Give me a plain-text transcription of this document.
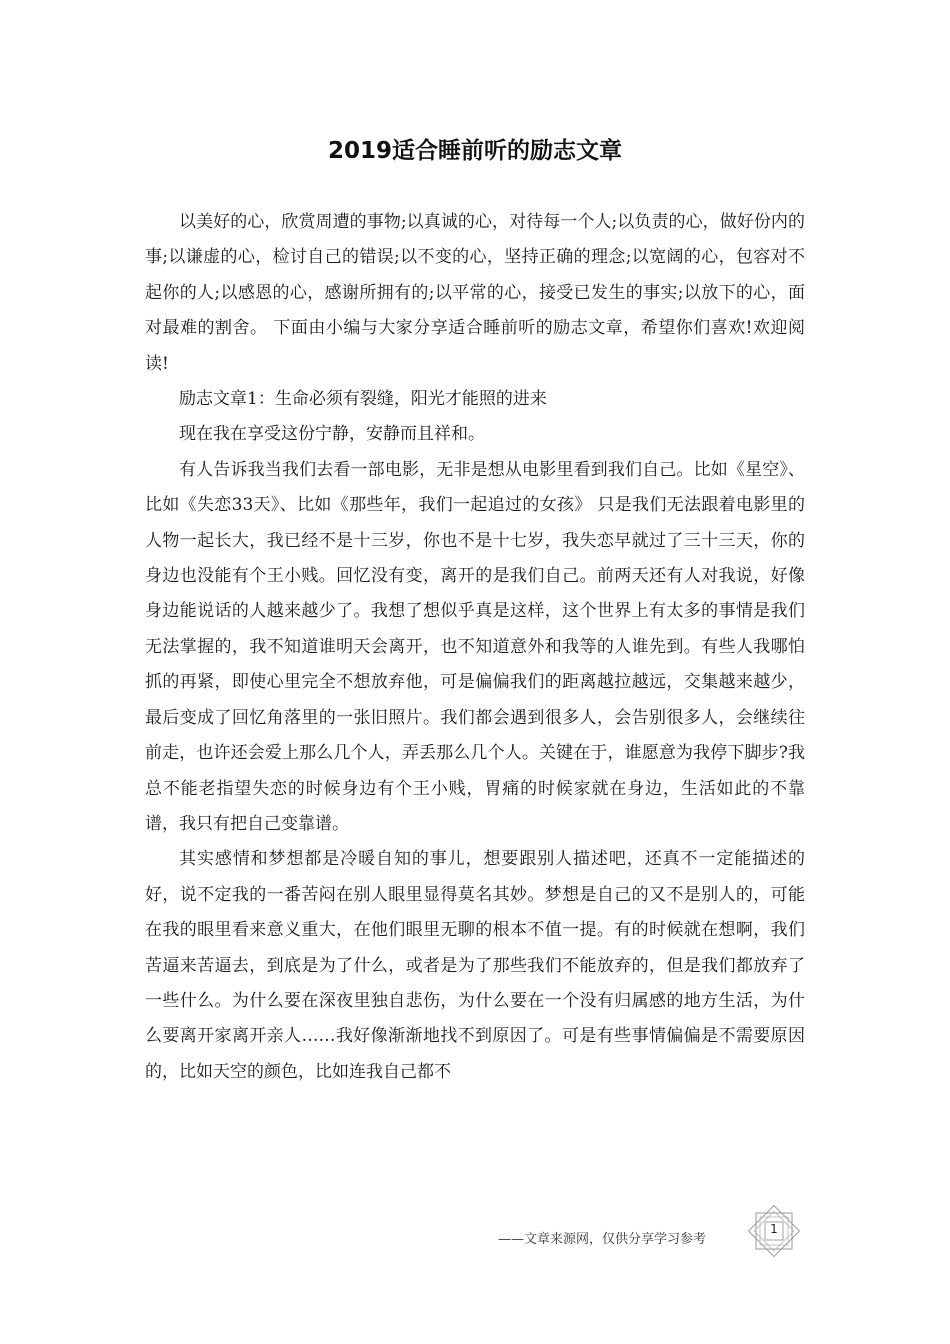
2019适合睡前听的励志文章

以美好的心，欣赏周遭的事物;以真诚的心，对待每一个人;以负责的心，做好份内的事;以谦虚的心，检讨自己的错误;以不变的心，坚持正确的理念;以宽阔的心，包容对不起你的人;以感恩的心，感谢所拥有的;以平常的心，接受已发生的事实;以放下的心，面对最难的割舍。 下面由小编与大家分享适合睡前听的励志文章，希望你们喜欢!欢迎阅读!

励志文章1：生命必须有裂缝，阳光才能照的进来

现在我在享受这份宁静，安静而且祥和。

有人告诉我当我们去看一部电影，无非是想从电影里看到我们自己。比如《星空》、比如《失恋33天》、比如《那些年，我们一起追过的女孩》 只是我们无法跟着电影里的人物一起长大，我已经不是十三岁，你也不是十七岁，我失恋早就过了三十三天，你的身边也没能有个王小贱。回忆没有变，离开的是我们自己。前两天还有人对我说，好像身边能说话的人越来越少了。我想了想似乎真是这样，这个世界上有太多的事情是我们无法掌握的，我不知道谁明天会离开，也不知道意外和我等的人谁先到。有些人我哪怕抓的再紧，即使心里完全不想放弃他，可是偏偏我们的距离越拉越远，交集越来越少，最后变成了回忆角落里的一张旧照片。我们都会遇到很多人，会告别很多人，会继续往前走，也许还会爱上那么几个人，弄丢那么几个人。关键在于，谁愿意为我停下脚步?我总不能老指望失恋的时候身边有个王小贱，胃痛的时候家就在身边，生活如此的不靠谱，我只有把自己变靠谱。

其实感情和梦想都是冷暖自知的事儿，想要跟别人描述吧，还真不一定能描述的好，说不定我的一番苦闷在别人眼里显得莫名其妙。梦想是自己的又不是别人的，可能在我的眼里看来意义重大，在他们眼里无聊的根本不值一提。有的时候就在想啊，我们苦逼来苦逼去，到底是为了什么，或者是为了那些我们不能放弃的，但是我们都放弃了一些什么。为什么要在深夜里独自悲伤，为什么要在一个没有归属感的地方生活，为什么要离开家离开亲人……我好像渐渐地找不到原因了。可是有些事情偏偏是不需要原因的，比如天空的颜色，比如连我自己都不

——文章来源网，仅供分享学习参考
1
